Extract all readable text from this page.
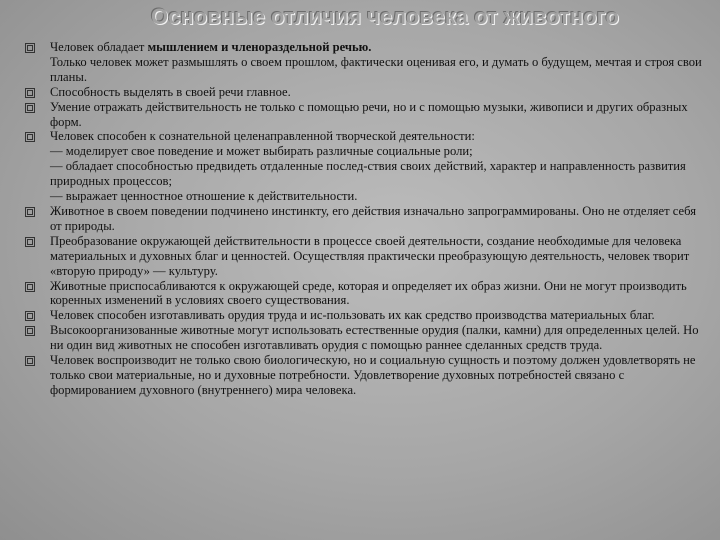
Основные отличия человека от животного
Человек обладает мышлением и членораздельной речью.
Только человек может размышлять о своем прошлом, фактически оценивая его, и думать о будущем, мечтая и строя свои планы.
Способность выделять в своей речи главное.
Умение отражать действительность не только с помощью речи, но и с помощью музыки, живописи и других образных форм.
Человек способен к сознательной целенаправленной творческой деятельности:
— моделирует свое поведение и может выбирать различные социальные роли;
— обладает способностью предвидеть отдаленные послед-ствия своих действий, характер и направленность развития природных процессов;
— выражает ценностное отношение к действительности.
Животное в своем поведении подчинено инстинкту, его действия изначально запрограммированы. Оно не отделяет себя от природы.
Преобразование окружающей действительности в процессе своей деятельности, создание необходимые для человека материальных и духовных благ и ценностей. Осуществляя практически преобразующую деятельность, человек творит «вторую природу» — культуру.
Животные приспосабливаются к окружающей среде, которая и определяет их образ жизни. Они не могут производить коренных изменений в условиях своего существования.
Человек способен изготавливать орудия труда и ис-пользовать их как средство производства материальных благ.
Высокоорганизованные животные могут использовать естественные орудия (палки, камни) для определенных целей. Но ни один вид животных не способен изготавливать орудия с помощью раннее сделанных средств труда.
Человек воспроизводит не только свою биологическую, но и социальную сущность и поэтому должен удовлетворять не только свои материальные, но и духовные потребности. Удовлетворение духовных потребностей связано с формированием духовного (внутреннего) мира человека.
